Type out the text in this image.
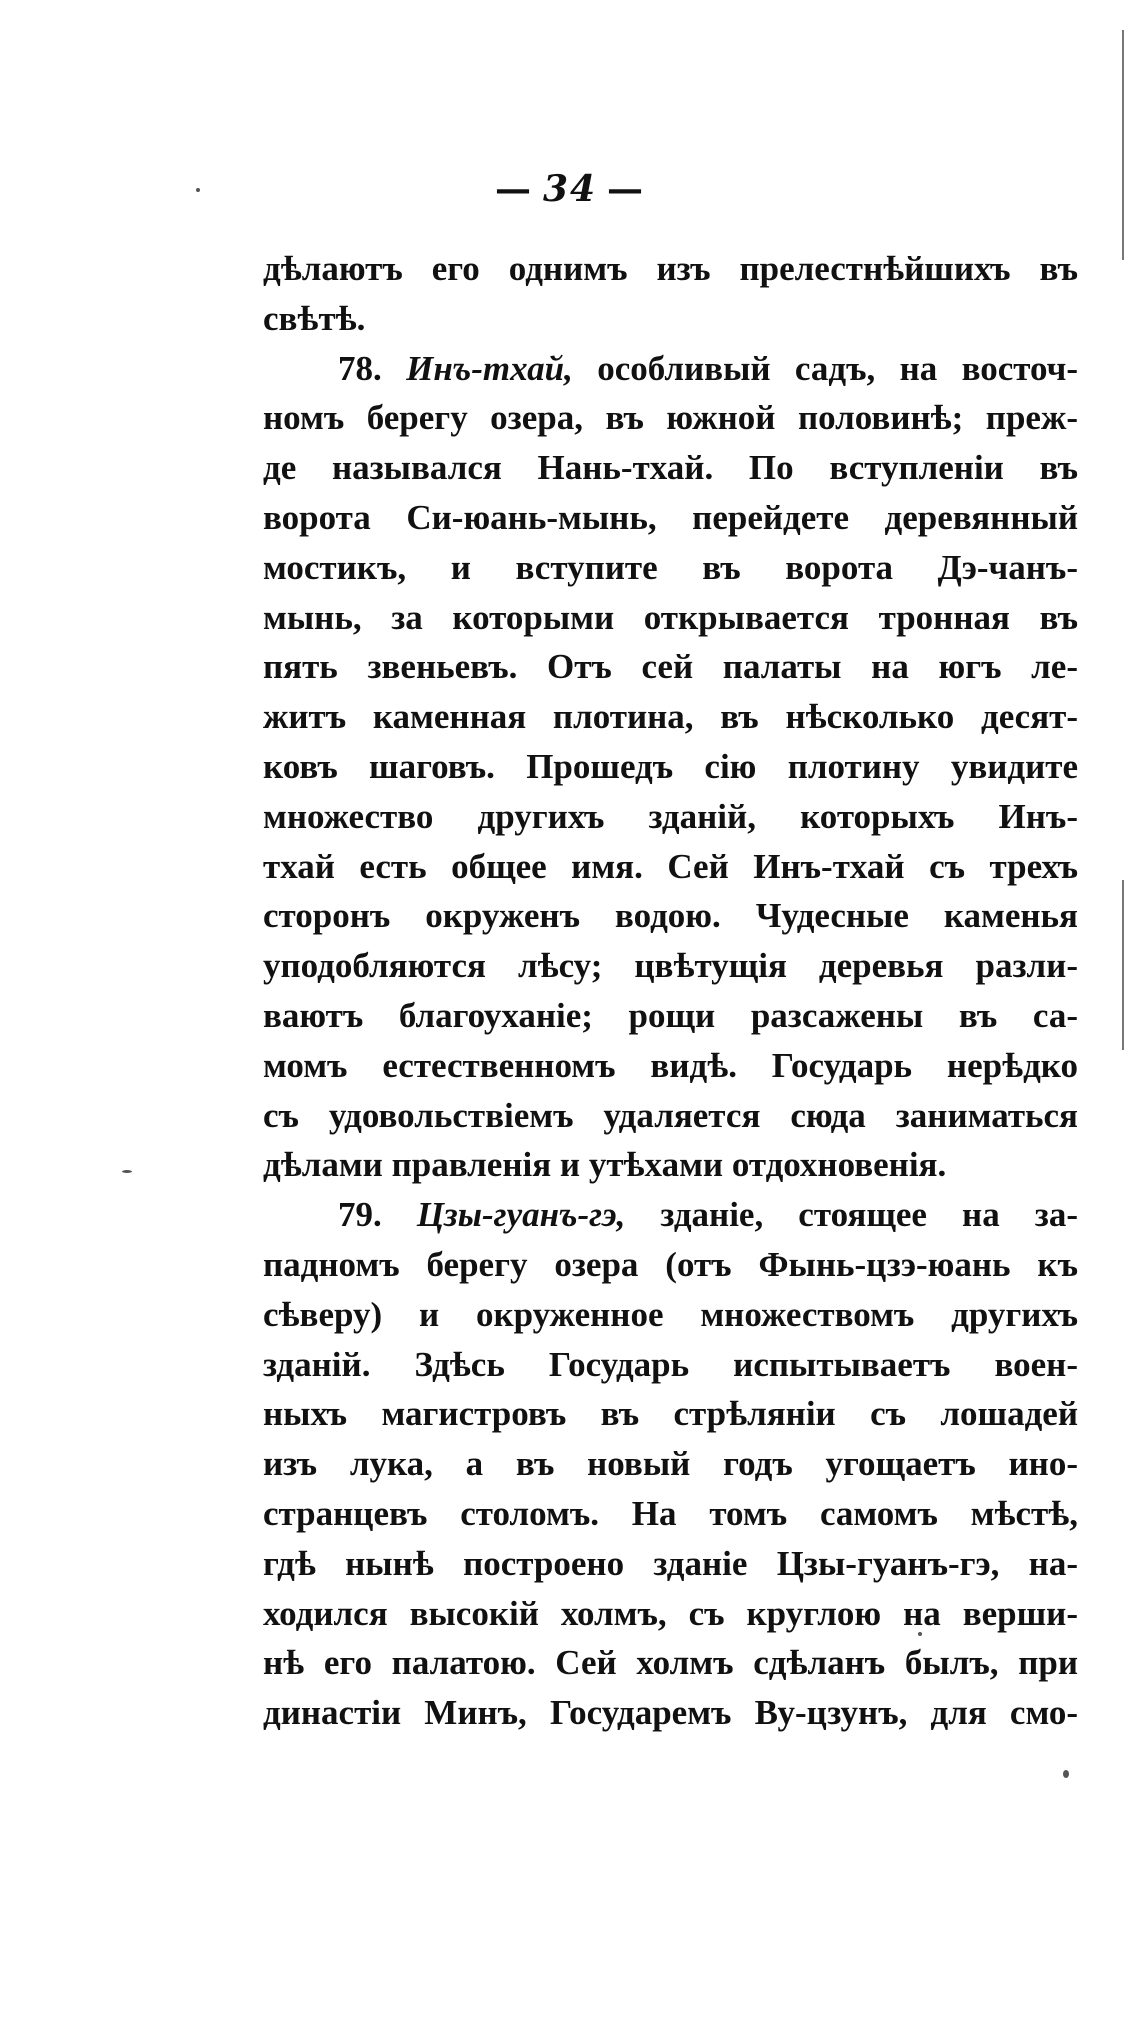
— 34 —
дѣлаютъ его однимъ изъ прелестнѣйшихъ въ
свѣтѣ.
78. Инъ-тхай, особливый садъ, на восточ-
номъ берегу озера, въ южной половинѣ; преж-
де назывался Нань-тхай. По вступленіи въ
ворота Си-юань-мынь, перейдете деревянный
мостикъ, и вступите въ ворота Дэ-чанъ-
мынь, за которыми открывается тронная въ
пять звеньевъ. Отъ сей палаты на югъ ле-
житъ каменная плотина, въ нѣсколько десят-
ковъ шаговъ. Прошедъ сію плотину увидите
множество другихъ зданій, которыхъ Инъ-
тхай есть общее имя. Сей Инъ-тхай съ трехъ
сторонъ окруженъ водою. Чудесные каменья
уподобляются лѣсу; цвѣтущія деревья разли-
ваютъ благоуханіе; рощи разсажены въ са-
момъ естественномъ видѣ. Государь нерѣдко
съ удовольствіемъ удаляется сюда заниматься
дѣлами правленія и утѣхами отдохновенія.
79. Цзы-гуанъ-гэ, зданіе, стоящее на за-
падномъ берегу озера (отъ Фынь-цзэ-юань къ
сѣверу) и окруженное множествомъ другихъ
зданій. Здѣсь Государь испытываетъ воен-
ныхъ магистровъ въ стрѣляніи съ лошадей
изъ лука, а въ новый годъ угощаетъ ино-
странцевъ столомъ. На томъ самомъ мѣстѣ,
гдѣ нынѣ построено зданіе Цзы-гуанъ-гэ, на-
ходился высокій холмъ, съ круглою на верши-
нѣ его палатою. Сей холмъ сдѣланъ былъ, при
династіи Минъ, Государемъ Ву-цзунъ, для смо-
